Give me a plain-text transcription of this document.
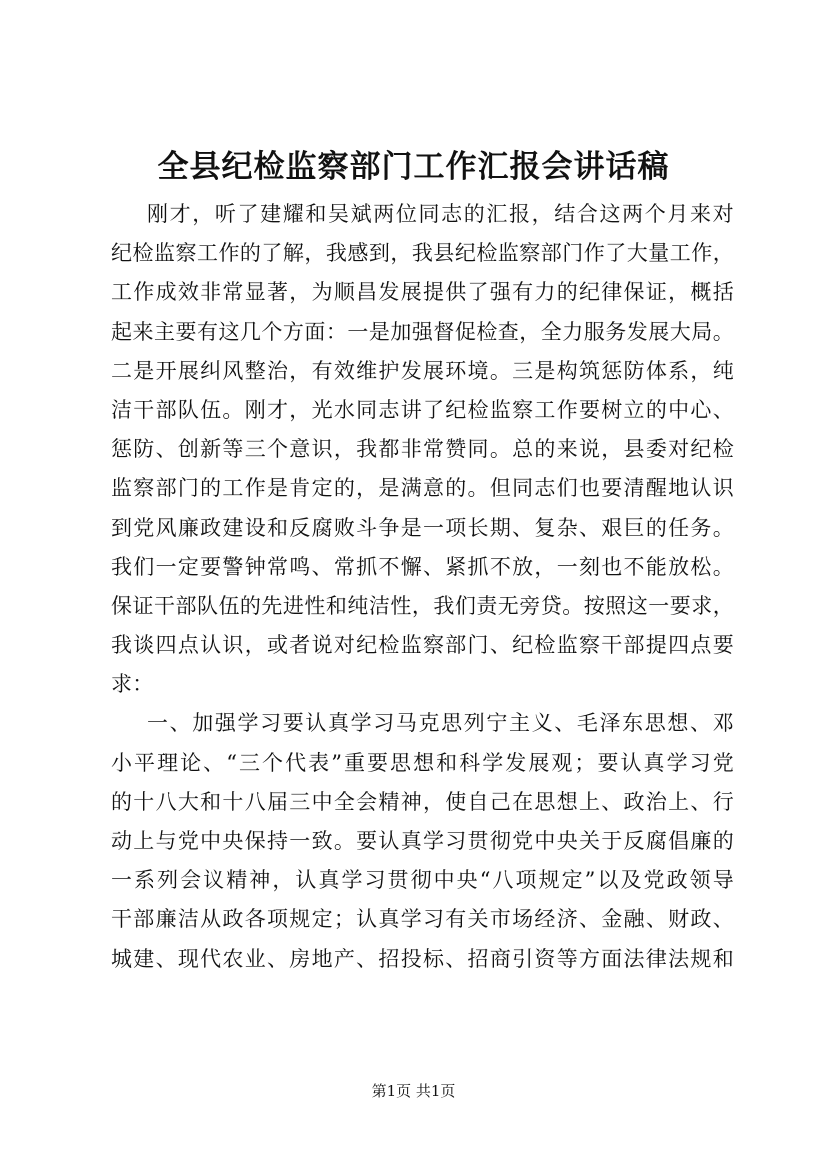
全县纪检监察部门工作汇报会讲话稿
刚才，听了建耀和吴斌两位同志的汇报，结合这两个月来对
纪检监察工作的了解，我感到，我县纪检监察部门作了大量工作，
工作成效非常显著，为顺昌发展提供了强有力的纪律保证，概括
起来主要有这几个方面：一是加强督促检查，全力服务发展大局。
二是开展纠风整治，有效维护发展环境。三是构筑惩防体系，纯
洁干部队伍。刚才，光水同志讲了纪检监察工作要树立的中心、
惩防、创新等三个意识，我都非常赞同。总的来说，县委对纪检
监察部门的工作是肯定的，是满意的。但同志们也要清醒地认识
到党风廉政建设和反腐败斗争是一项长期、复杂、艰巨的任务。
我们一定要警钟常鸣、常抓不懈、紧抓不放，一刻也不能放松。
保证干部队伍的先进性和纯洁性，我们责无旁贷。按照这一要求，
我谈四点认识，或者说对纪检监察部门、纪检监察干部提四点要
求：
一、加强学习要认真学习马克思列宁主义、毛泽东思想、邓
小平理论、“三个代表”重要思想和科学发展观；要认真学习党
的十八大和十八届三中全会精神，使自己在思想上、政治上、行
动上与党中央保持一致。要认真学习贯彻党中央关于反腐倡廉的
一系列会议精神，认真学习贯彻中央“八项规定”以及党政领导
干部廉洁从政各项规定；认真学习有关市场经济、金融、财政、
城建、现代农业、房地产、招投标、招商引资等方面法律法规和
第1页 共1页
